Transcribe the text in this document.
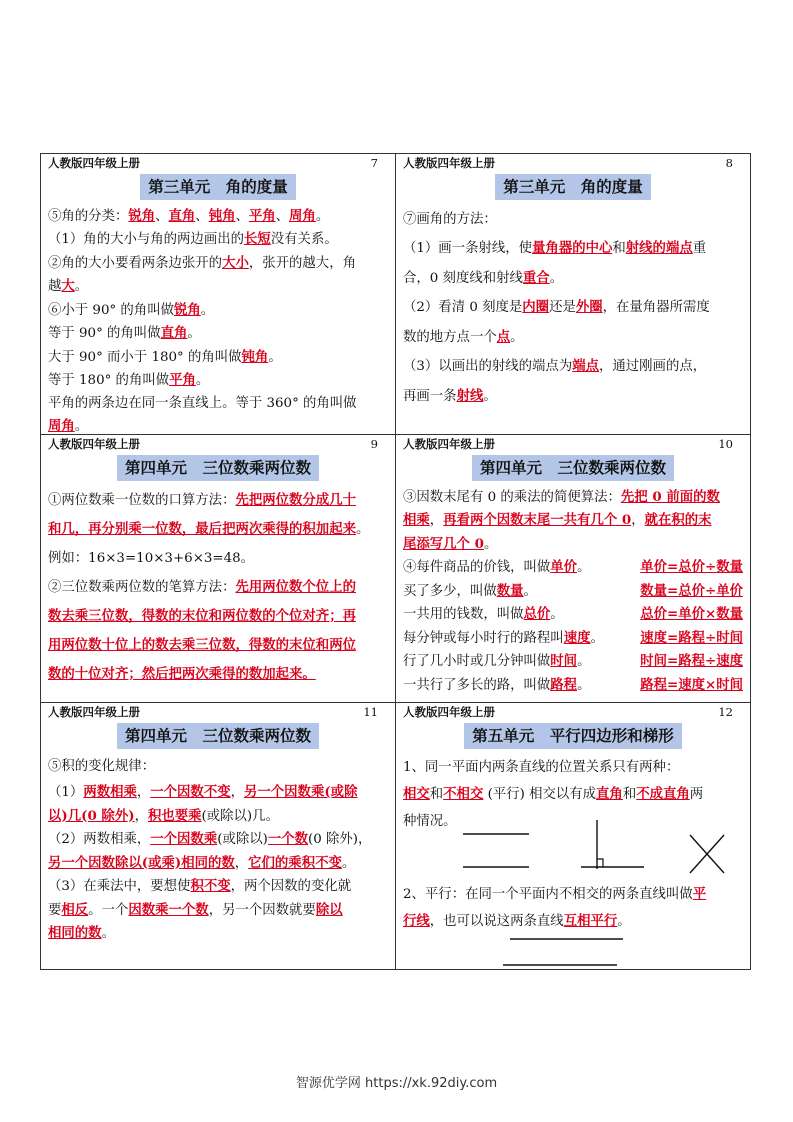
人教版四年级上册	7
第三单元　角的度量

⑤角的分类：锐角、直角、钝角、平角、周角。

（1）角的大小与角的两边画出的长短没有关系。

②角的大小要看两条边张开的大小，张开的越大，角

越大。

⑥小于 90° 的角叫做锐角。

等于 90° 的角叫做直角。

大于 90° 而小于 180° 的角叫做钝角。

等于 180° 的角叫做平角。

平角的两条边在同一条直线上。等于 360° 的角叫做

周角。

人教版四年级上册	8
第三单元　角的度量

⑦画角的方法：

（1）画一条射线，使量角器的中心和射线的端点重

合，0 刻度线和射线重合。

（2）看清 0 刻度是内圈还是外圈，在量角器所需度

数的地方点一个点。

（3）以画出的射线的端点为端点，通过刚画的点，

再画一条射线。

人教版四年级上册	9
第四单元　三位数乘两位数

①两位数乘一位数的口算方法：先把两位数分成几十

和几，再分别乘一位数，最后把两次乘得的积加起来。

例如：16×3=10×3+6×3=48。

②三位数乘两位数的笔算方法：先用两位数个位上的

数去乘三位数，得数的末位和两位数的个位对齐；再

用两位数十位上的数去乘三位数，得数的末位和两位

数的十位对齐；然后把两次乘得的数加起来。

人教版四年级上册	10
第四单元　三位数乘两位数

③因数末尾有 0 的乘法的简便算法：先把 0 前面的数

相乘，再看两个因数末尾一共有几个 0，就在积的末

尾添写几个 0。

④每件商品的价钱，叫做单价。	单价=总价÷数量
买了多少，叫做数量。	数量=总价÷单价
一共用的钱数，叫做总价。	总价=单价×数量
每分钟或每小时行的路程叫速度。	速度=路程÷时间
行了几小时或几分钟叫做时间。	时间=路程÷速度
一共行了多长的路，叫做路程。	路程=速度×时间
人教版四年级上册	11
第四单元　三位数乘两位数

⑤积的变化规律：

（1）两数相乘，一个因数不变，另一个因数乘(或除

以)几(0 除外)，积也要乘(或除以)几。

（2）两数相乘，一个因数乘(或除以)一个数(0 除外)，

另一个因数除以(或乘)相同的数，它们的乘积不变。

（3）在乘法中，要想使积不变，两个因数的变化就

要相反。一个因数乘一个数，另一个因数就要除以

相同的数。

人教版四年级上册	12
第五单元　平行四边形和梯形

1、同一平面内两条直线的位置关系只有两种：

相交和不相交 (平行) 相交以有成直角和不成直角两

种情况。

2、平行：在同一个平面内不相交的两条直线叫做平

行线，也可以说这两条直线互相平行。

智源优学网 https://xk.92diy.com
